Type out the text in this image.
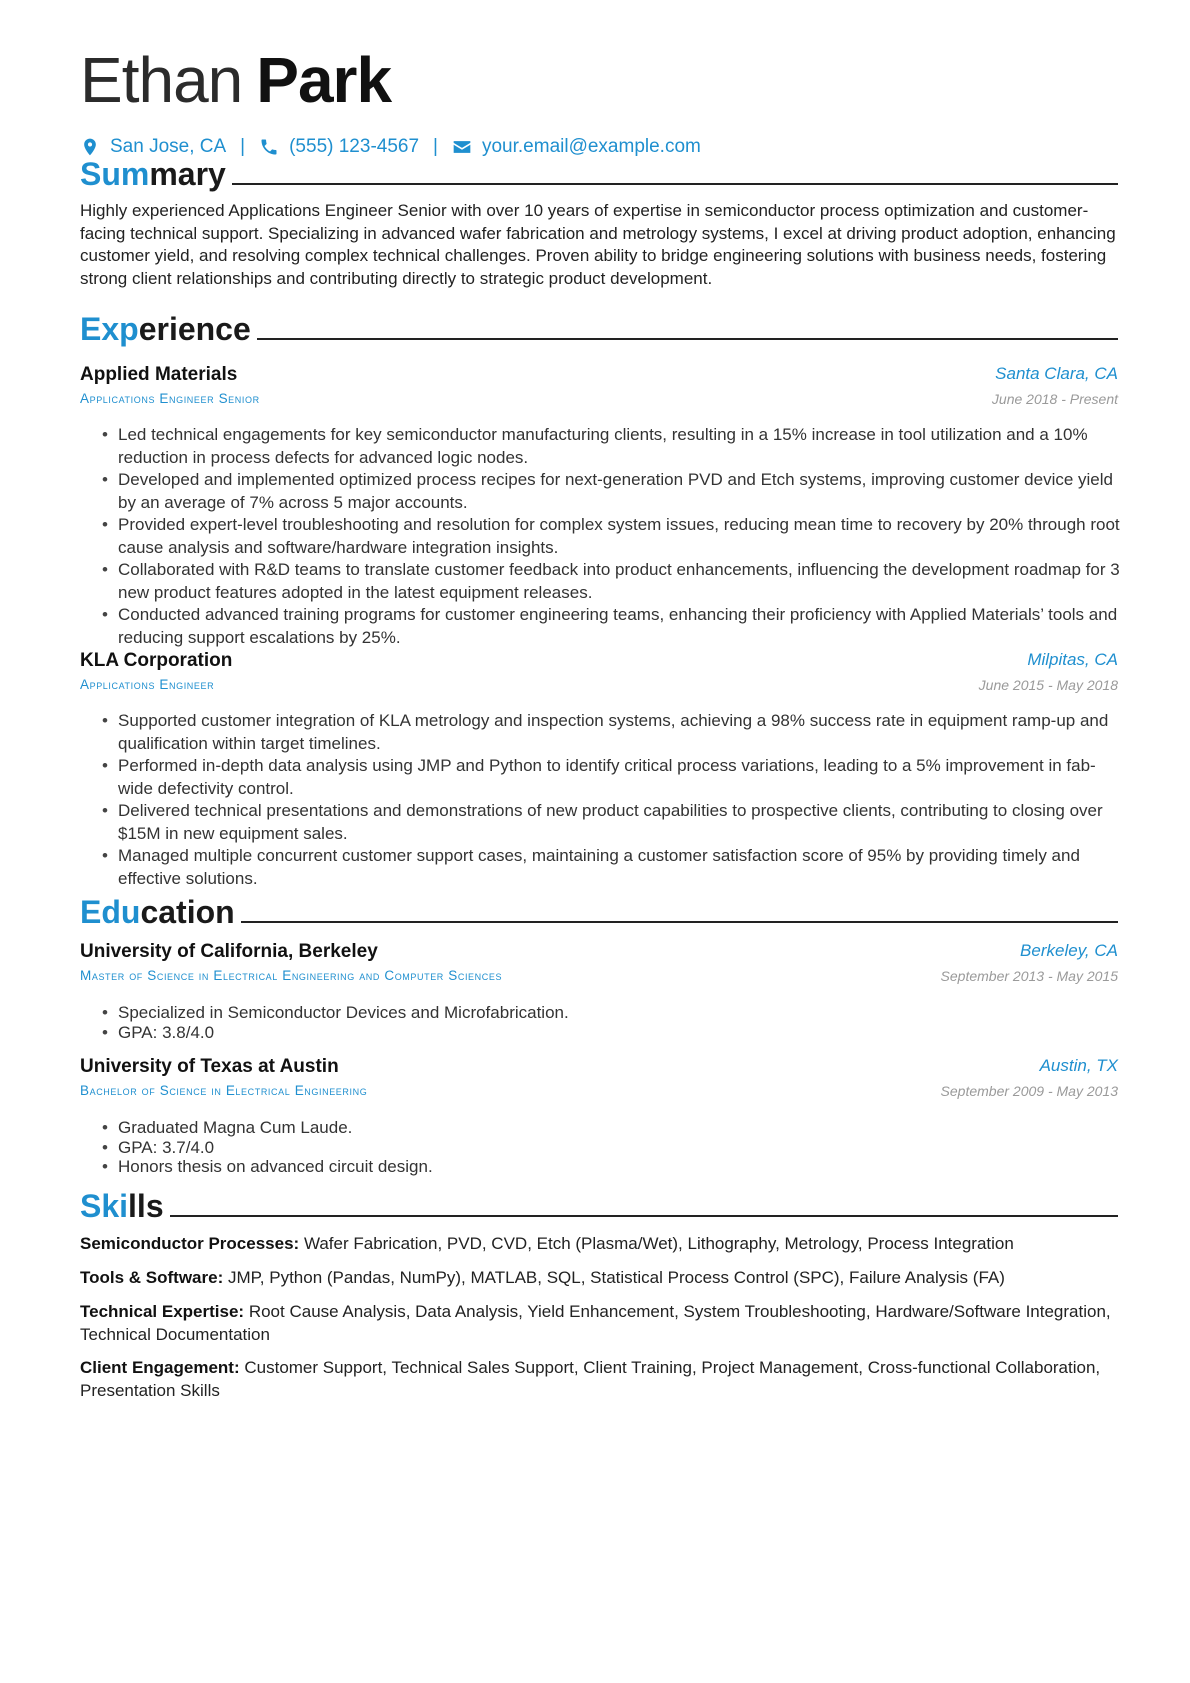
Ethan Park
San Jose, CA | (555) 123-4567 | your.email@example.com
Summary
Highly experienced Applications Engineer Senior with over 10 years of expertise in semiconductor process optimization and customer-facing technical support. Specializing in advanced wafer fabrication and metrology systems, I excel at driving product adoption, enhancing customer yield, and resolving complex technical challenges. Proven ability to bridge engineering solutions with business needs, fostering strong client relationships and contributing directly to strategic product development.
Experience
Applied Materials	Santa Clara, CA
Applications Engineer Senior	June 2018 - Present
• Led technical engagements for key semiconductor manufacturing clients, resulting in a 15% increase in tool utilization and a 10% reduction in process defects for advanced logic nodes.
• Developed and implemented optimized process recipes for next-generation PVD and Etch systems, improving customer device yield by an average of 7% across 5 major accounts.
• Provided expert-level troubleshooting and resolution for complex system issues, reducing mean time to recovery by 20% through root cause analysis and software/hardware integration insights.
• Collaborated with R&D teams to translate customer feedback into product enhancements, influencing the development roadmap for 3 new product features adopted in the latest equipment releases.
• Conducted advanced training programs for customer engineering teams, enhancing their proficiency with Applied Materials’ tools and reducing support escalations by 25%.
KLA Corporation	Milpitas, CA
Applications Engineer	June 2015 - May 2018
• Supported customer integration of KLA metrology and inspection systems, achieving a 98% success rate in equipment ramp-up and qualification within target timelines.
• Performed in-depth data analysis using JMP and Python to identify critical process variations, leading to a 5% improvement in fab-wide defectivity control.
• Delivered technical presentations and demonstrations of new product capabilities to prospective clients, contributing to closing over $15M in new equipment sales.
• Managed multiple concurrent customer support cases, maintaining a customer satisfaction score of 95% by providing timely and effective solutions.
Education
University of California, Berkeley	Berkeley, CA
Master of Science in Electrical Engineering and Computer Sciences	September 2013 - May 2015
• Specialized in Semiconductor Devices and Microfabrication.
• GPA: 3.8/4.0
University of Texas at Austin	Austin, TX
Bachelor of Science in Electrical Engineering	September 2009 - May 2013
• Graduated Magna Cum Laude.
• GPA: 3.7/4.0
• Honors thesis on advanced circuit design.
Skills
Semiconductor Processes: Wafer Fabrication, PVD, CVD, Etch (Plasma/Wet), Lithography, Metrology, Process Integration
Tools & Software: JMP, Python (Pandas, NumPy), MATLAB, SQL, Statistical Process Control (SPC), Failure Analysis (FA)
Technical Expertise: Root Cause Analysis, Data Analysis, Yield Enhancement, System Troubleshooting, Hardware/Software Integration, Technical Documentation
Client Engagement: Customer Support, Technical Sales Support, Client Training, Project Management, Cross-functional Collaboration, Presentation Skills
